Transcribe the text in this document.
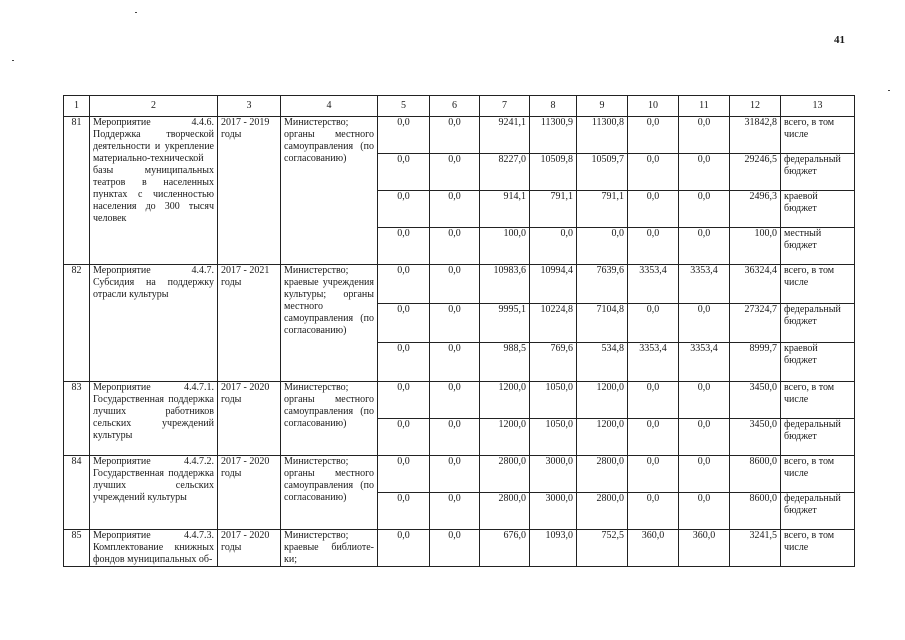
41
1	2	3	4	5	6	7	8	9	10	11	12	13
81	Мероприятие 4.4.6. Поддержка творческой деятельности и укрепление материально-технической базы муниципальных театров в населенных пунктах с численностью населения до 300 тысяч человек	2017 - 2019 годы	Министерство; органы местного самоуправления (по согласованию)	0,0	0,0	9241,1	11300,9	11300,8	0,0	0,0	31842,8	всего, в том числе
				0,0	0,0	8227,0	10509,8	10509,7	0,0	0,0	29246,5	федеральный бюджет
				0,0	0,0	914,1	791,1	791,1	0,0	0,0	2496,3	краевой бюджет
				0,0	0,0	100,0	0,0	0,0	0,0	0,0	100,0	местный бюджет
82	Мероприятие 4.4.7. Субсидия на поддержку отрасли культуры	2017 - 2021 годы	Министерство; краевые учреждения культуры; органы местного самоуправления (по согласованию)	0,0	0,0	10983,6	10994,4	7639,6	3353,4	3353,4	36324,4	всего, в том числе
				0,0	0,0	9995,1	10224,8	7104,8	0,0	0,0	27324,7	федеральный бюджет
				0,0	0,0	988,5	769,6	534,8	3353,4	3353,4	8999,7	краевой бюджет
83	Мероприятие 4.4.7.1. Государственная поддержка лучших работников сельских учреждений культуры	2017 - 2020 годы	Министерство; органы местного самоуправления (по согласованию)	0,0	0,0	1200,0	1050,0	1200,0	0,0	0,0	3450,0	всего, в том числе
				0,0	0,0	1200,0	1050,0	1200,0	0,0	0,0	3450,0	федеральный бюджет
84	Мероприятие 4.4.7.2. Государственная поддержка лучших сельских учреждений культуры	2017 - 2020 годы	Министерство; органы местного самоуправления (по согласованию)	0,0	0,0	2800,0	3000,0	2800,0	0,0	0,0	8600,0	всего, в том числе
				0,0	0,0	2800,0	3000,0	2800,0	0,0	0,0	8600,0	федеральный бюджет
85	Мероприятие 4.4.7.3. Комплектование книжных фондов муниципальных об-	2017 - 2020 годы	Министерство; краевые библиоте-ки;	0,0	0,0	676,0	1093,0	752,5	360,0	360,0	3241,5	всего, в том числе
